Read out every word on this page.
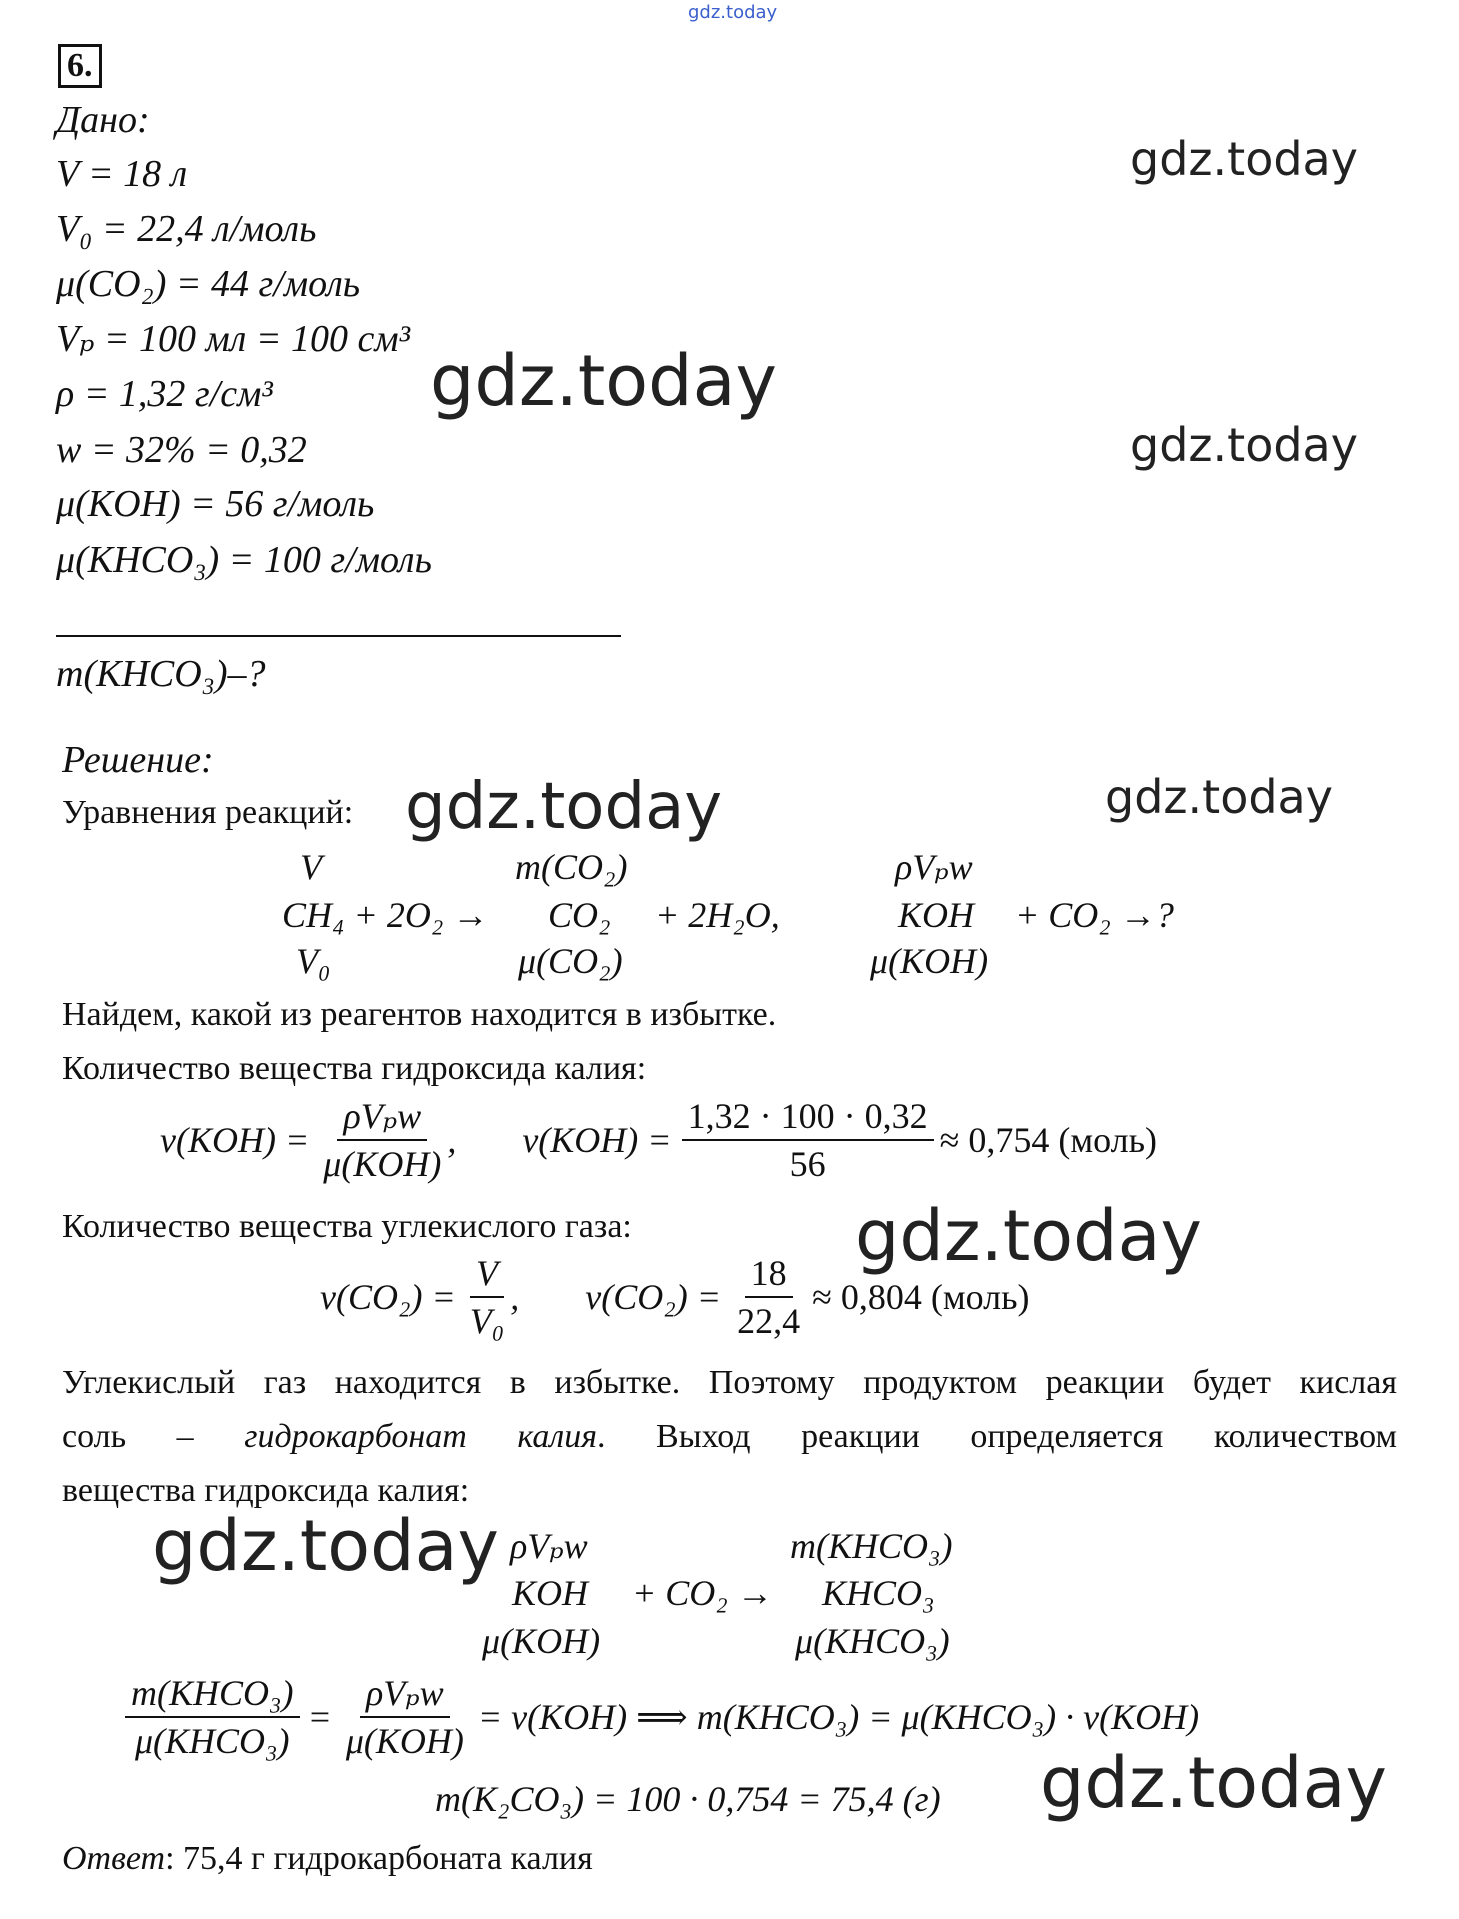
gdz.today
6.
Дано:
V = 18 л
V₀ = 22,4 л/моль
μ(CO₂) = 44 г/моль
Vₚ = 100 мл = 100 см³
ρ = 1,32 г/см³
w = 32% = 0,32
μ(KOH) = 56 г/моль
μ(KHCO₃) = 100 г/моль
m(KHCO₃)–?
gdz.today
gdz.today
gdz.today
Решение:
Уравнения реакций: gdz.today	gdz.today
V	m(CO₂)	ρVₚw
CH₄ + 2O₂ → CO₂ + 2H₂O,	KOH + CO₂ →?
V₀	μ(CO₂)	μ(KOH)
Найдем, какой из реагентов находится в избытке.
Количество вещества гидроксида калия:
$\nu(KOH) = \frac{\text{ρVₚw}}{\text{μ(KOH)}}$ , $\nu(KOH) = \frac{1,32 \cdot 100 \cdot 0,32}{56} \approx 0,754$ (моль)
Количество вещества углекислого газа:	gdz.today
$\nu(CO_2) = \frac{V}{\text{V₀}}$ , $\nu(CO_2) = \frac{18}{22,4} \approx 0,804$ (моль)
Углекислый газ находится в избытке. Поэтому продуктом реакции будет кислая
соль – гидрокарбонат калия. Выход реакции определяется количеством
вещества гидроксида калия:
gdz.today ρVₚw	m(KHCO₃)
KOH + CO₂ → KHCO₃
μ(KOH)	μ(KHCO₃)
$\frac{\text{m(KHCO₃)}}{\text{μ(KHCO₃)}} = \frac{\text{ρVₚw}}{\text{μ(KOH)}} = \nu(KOH)$ ⟹ m(KHCO₃) = μ(KHCO₃) · ν(KOH)
m(K₂CO₃) = 100 · 0,754 = 75,4 (г) gdz.today
Ответ: 75,4 г гидрокарбоната калия
